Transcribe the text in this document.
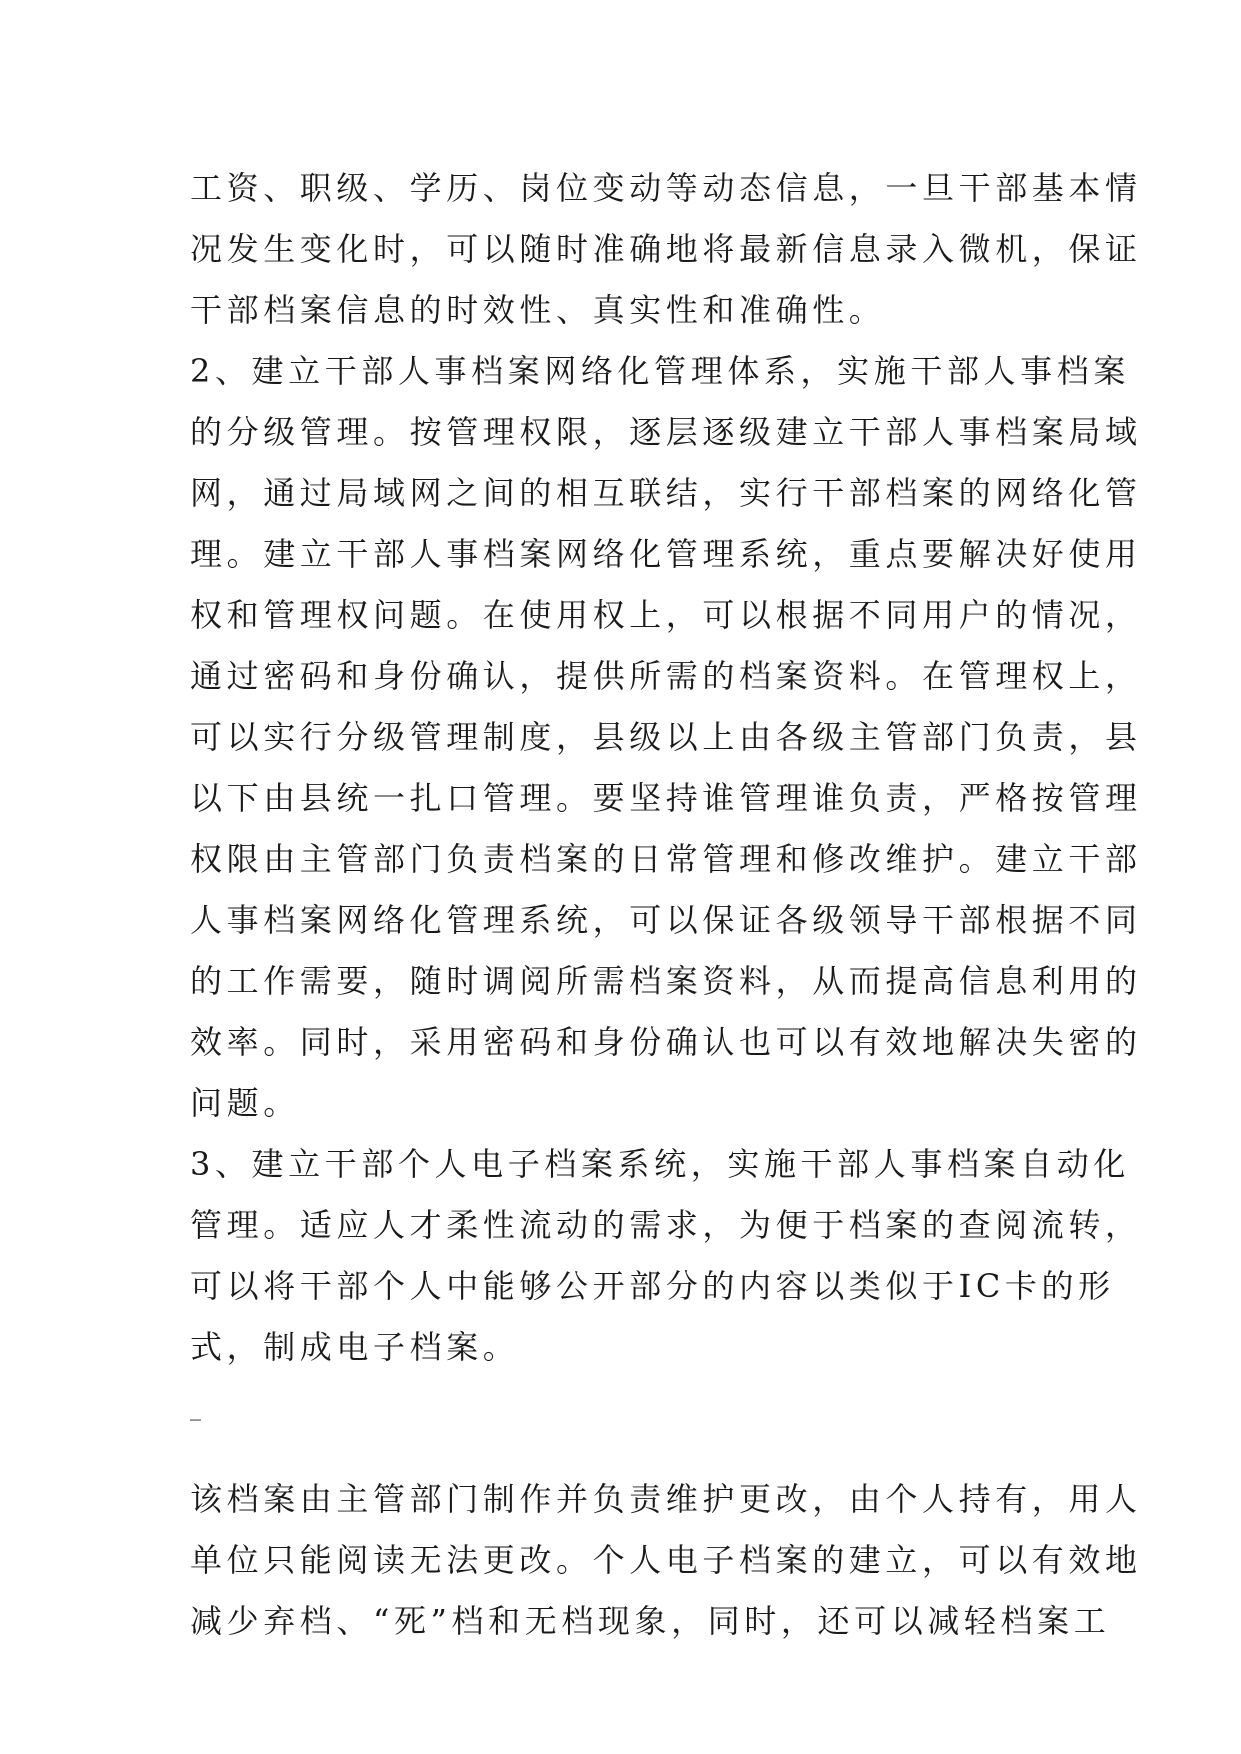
工资、职级、学历、岗位变动等动态信息，一旦干部基本情
况发生变化时，可以随时准确地将最新信息录入微机，保证
干部档案信息的时效性、真实性和准确性。
2、建立干部人事档案网络化管理体系，实施干部人事档案
的分级管理。按管理权限，逐层逐级建立干部人事档案局域
网，通过局域网之间的相互联结，实行干部档案的网络化管
理。建立干部人事档案网络化管理系统，重点要解决好使用
权和管理权问题。在使用权上，可以根据不同用户的情况，
通过密码和身份确认，提供所需的档案资料。在管理权上，
可以实行分级管理制度，县级以上由各级主管部门负责，县
以下由县统一扎口管理。要坚持谁管理谁负责，严格按管理
权限由主管部门负责档案的日常管理和修改维护。建立干部
人事档案网络化管理系统，可以保证各级领导干部根据不同
的工作需要，随时调阅所需档案资料，从而提高信息利用的
效率。同时，采用密码和身份确认也可以有效地解决失密的
问题。
3、建立干部个人电子档案系统，实施干部人事档案自动化
管理。适应人才柔性流动的需求，为便于档案的查阅流转，
可以将干部个人中能够公开部分的内容以类似于IC卡的形
式，制成电子档案。
_
该档案由主管部门制作并负责维护更改，由个人持有，用人
单位只能阅读无法更改。个人电子档案的建立，可以有效地
减少弃档、“死”档和无档现象，同时，还可以减轻档案工
